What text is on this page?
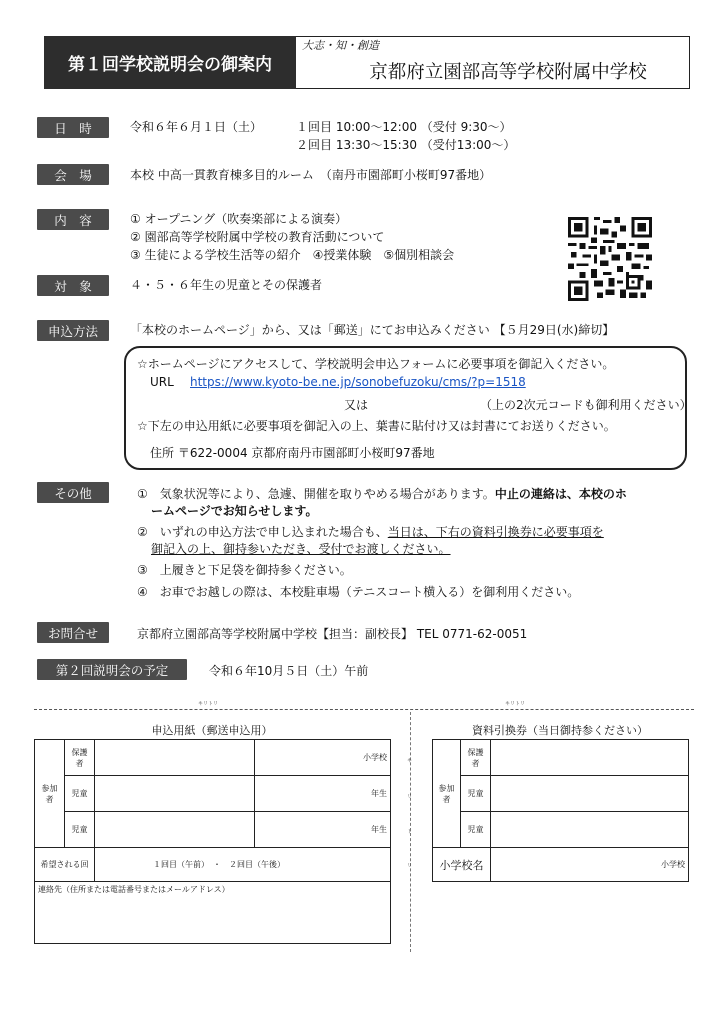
第１回学校説明会の御案内
大志・知・創造
京都府立園部高等学校附属中学校
日　時	令和６年６月１日（土）	１回目 10:00～12:00 （受付 9:30～）
２回目 13:30～15:30 （受付13:00～）
会　場	本校 中高一貫教育棟多目的ルーム　（南丹市園部町小桜町97番地）
内　容	① オープニング（吹奏楽部による演奏）
② 園部高等学校附属中学校の教育活動について
③ 生徒による学校生活等の紹介　④授業体験　⑤個別相談会
対　象	４・５・６年生の児童とその保護者
申込方法	「本校のホームページ」から、又は「郵送」にてお申込みください 【５月29日(水)締切】
☆ホームページにアクセスして、学校説明会申込フォームに必要事項を御記入ください。
URL https://www.kyoto-be.ne.jp/sonobefuzoku/cms/?p=1518
又は	（上の2次元コードも御利用ください）
☆下左の申込用紙に必要事項を御記入の上、葉書に貼付け又は封書にてお送りください。
住所 〒622-0004 京都府南丹市園部町小桜町97番地
その他	①　気象状況等により、急遽、開催を取りやめる場合があります。中止の連絡は、本校のホ
ームページでお知らせします。
②　いずれの申込方法で申し込まれた場合も、当日は、下右の資料引換券に必要事項を
御記入の上、御持参いただき、受付でお渡しください。
③　上履きと下足袋を御持参ください。
④　お車でお越しの際は、本校駐車場（テニスコート横入る）を御利用ください。
お問合せ	京都府立園部高等学校附属中学校【担当：副校長】 TEL 0771-62-0051
第２回説明会の予定	令和６年10月５日（土）午前
キリトリ	キリトリ
キ
リ
ト
リ
申込用紙（郵送申込用）
参加者	保護者		小学校
	児童		年生
	児童		年生
希望される回		１回目（午前）　・　２回目（午後）	
連絡先（住所または電話番号またはメールアドレス）			
資料引換券（当日御持参ください）
参加者	保護者	
	児童	
	児童	
小学校名		小学校
